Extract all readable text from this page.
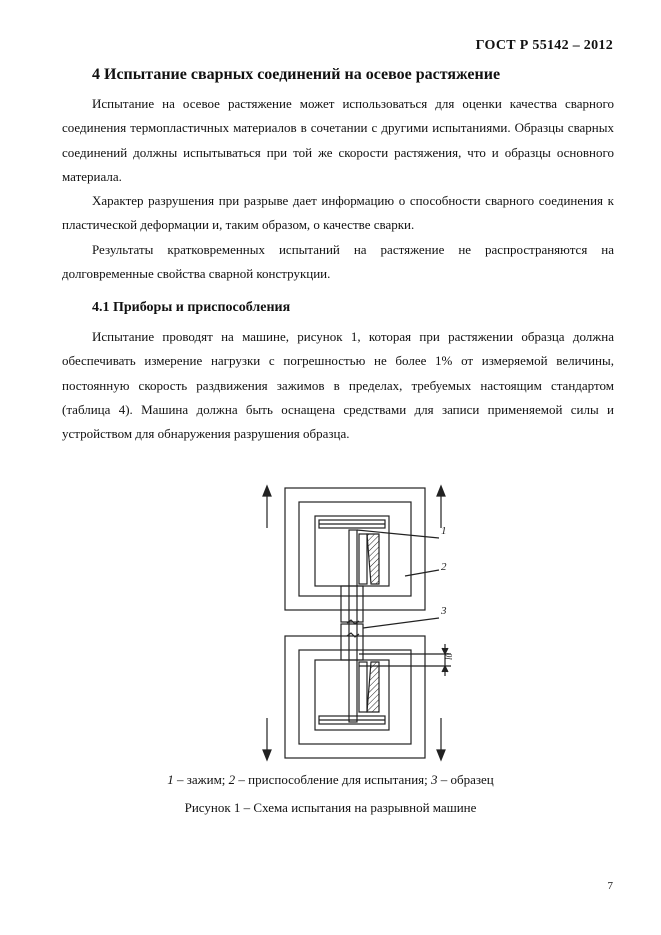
ГОСТ Р 55142 – 2012
4 Испытание сварных соединений на осевое растяжение

Испытание на осевое растяжение может использоваться для оценки качества сварного соединения термопластичных материалов в сочетании с другими испытаниями. Образцы сварных соединений должны испытываться при той же скорости растяжения, что и образцы основного материала.

Характер разрушения при разрыве дает информацию о способности сварного соединения к пластической деформации и, таким образом, о качестве сварки.

Результаты кратковременных испытаний на растяжение не распространяются на долговременные свойства сварной конструкции.

4.1 Приборы и приспособления

Испытание проводят на машине, рисунок 1, которая при растяжении образца должна обеспечивать измерение нагрузки с погрешностью не более 1% от измеряемой величины, постоянную скорость раздвижения зажимов в пределах, требуемых настоящим стандартом (таблица 4). Машина должна быть оснащена средствами для записи применяемой силы и устройством для обнаружения разрушения образца.

1
2
3
l0
1 – зажим; 2 – приспособление для испытания; 3 – образец
Рисунок 1 – Схема испытания на разрывной машине
7
